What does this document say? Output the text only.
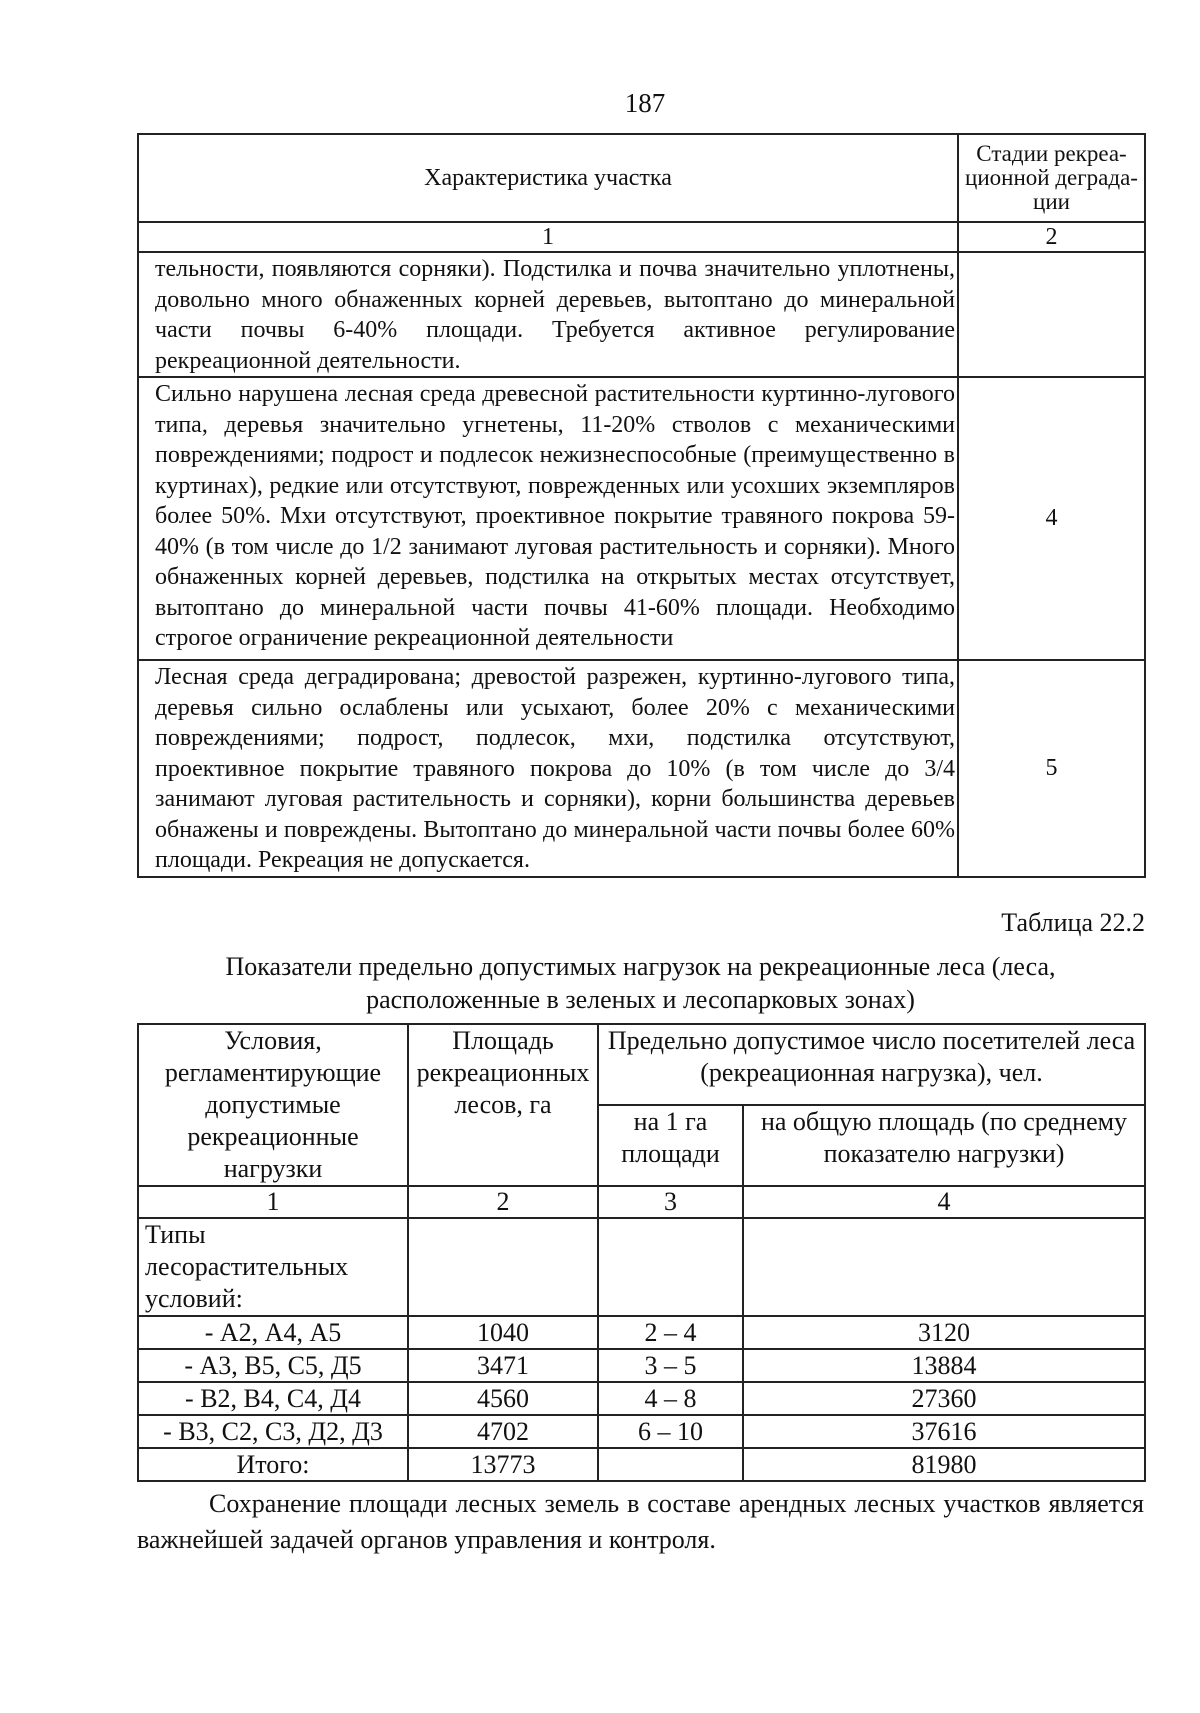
187
Характеристика участка	Стадии рекреа-ционной деграда-ции
1	2
тельности, появляются сорняки). Подстилка и почва значительно уплотнены, довольно много обнаженных корней деревьев, вытоптано до минеральной части почвы 6-40% площади. Требуется активное регулирование рекреационной деятельности.	
Сильно нарушена лесная среда древесной растительности куртинно-лугового типа, деревья значительно угнетены, 11-20% стволов с механическими повреждениями; подрост и подлесок нежизнеспособные (преимущественно в куртинах), редкие или отсутствуют, поврежденных или усохших экземпляров более 50%. Мхи отсутствуют, проективное покрытие травяного покрова 59-40% (в том числе до 1/2 занимают луговая растительность и сорняки). Много обнаженных корней деревьев, подстилка на открытых местах отсутствует, вытоптано до минеральной части почвы 41-60% площади. Необходимо строгое ограничение рекреационной деятельности	4
Лесная среда деградирована; древостой разрежен, куртинно-лугового типа, деревья сильно ослаблены или усыхают, более 20% с механическими повреждениями; подрост, подлесок, мхи, подстилка отсутствуют, проективное покрытие травяного покрова до 10% (в том числе до 3/4 занимают луговая растительность и сорняки), корни большинства деревьев обнажены и повреждены. Вытоптано до минеральной части почвы более 60% площади. Рекреация не допускается.	5
Таблица 22.2
Показатели предельно допустимых нагрузок на рекреационные леса (леса, расположенные в зеленых и лесопарковых зонах)
Условия, регламентирующие допустимые рекреационные нагрузки	Площадь рекреационных лесов, га	Предельно допустимое число посетителей леса (рекреационная нагрузка), чел.	
		на 1 га площади	на общую площадь (по среднему показателю нагрузки)
1	2	3	4
Типы лесорастительных условий:			
- А2, А4, А5	1040	2 – 4	3120
- А3, В5, С5, Д5	3471	3 – 5	13884
- В2, В4, С4, Д4	4560	4 – 8	27360
- В3, С2, С3, Д2, Д3	4702	6 – 10	37616
Итого:	13773		81980

Сохранение площади лесных земель в составе арендных лесных участков является важнейшей задачей органов управления и контроля.
